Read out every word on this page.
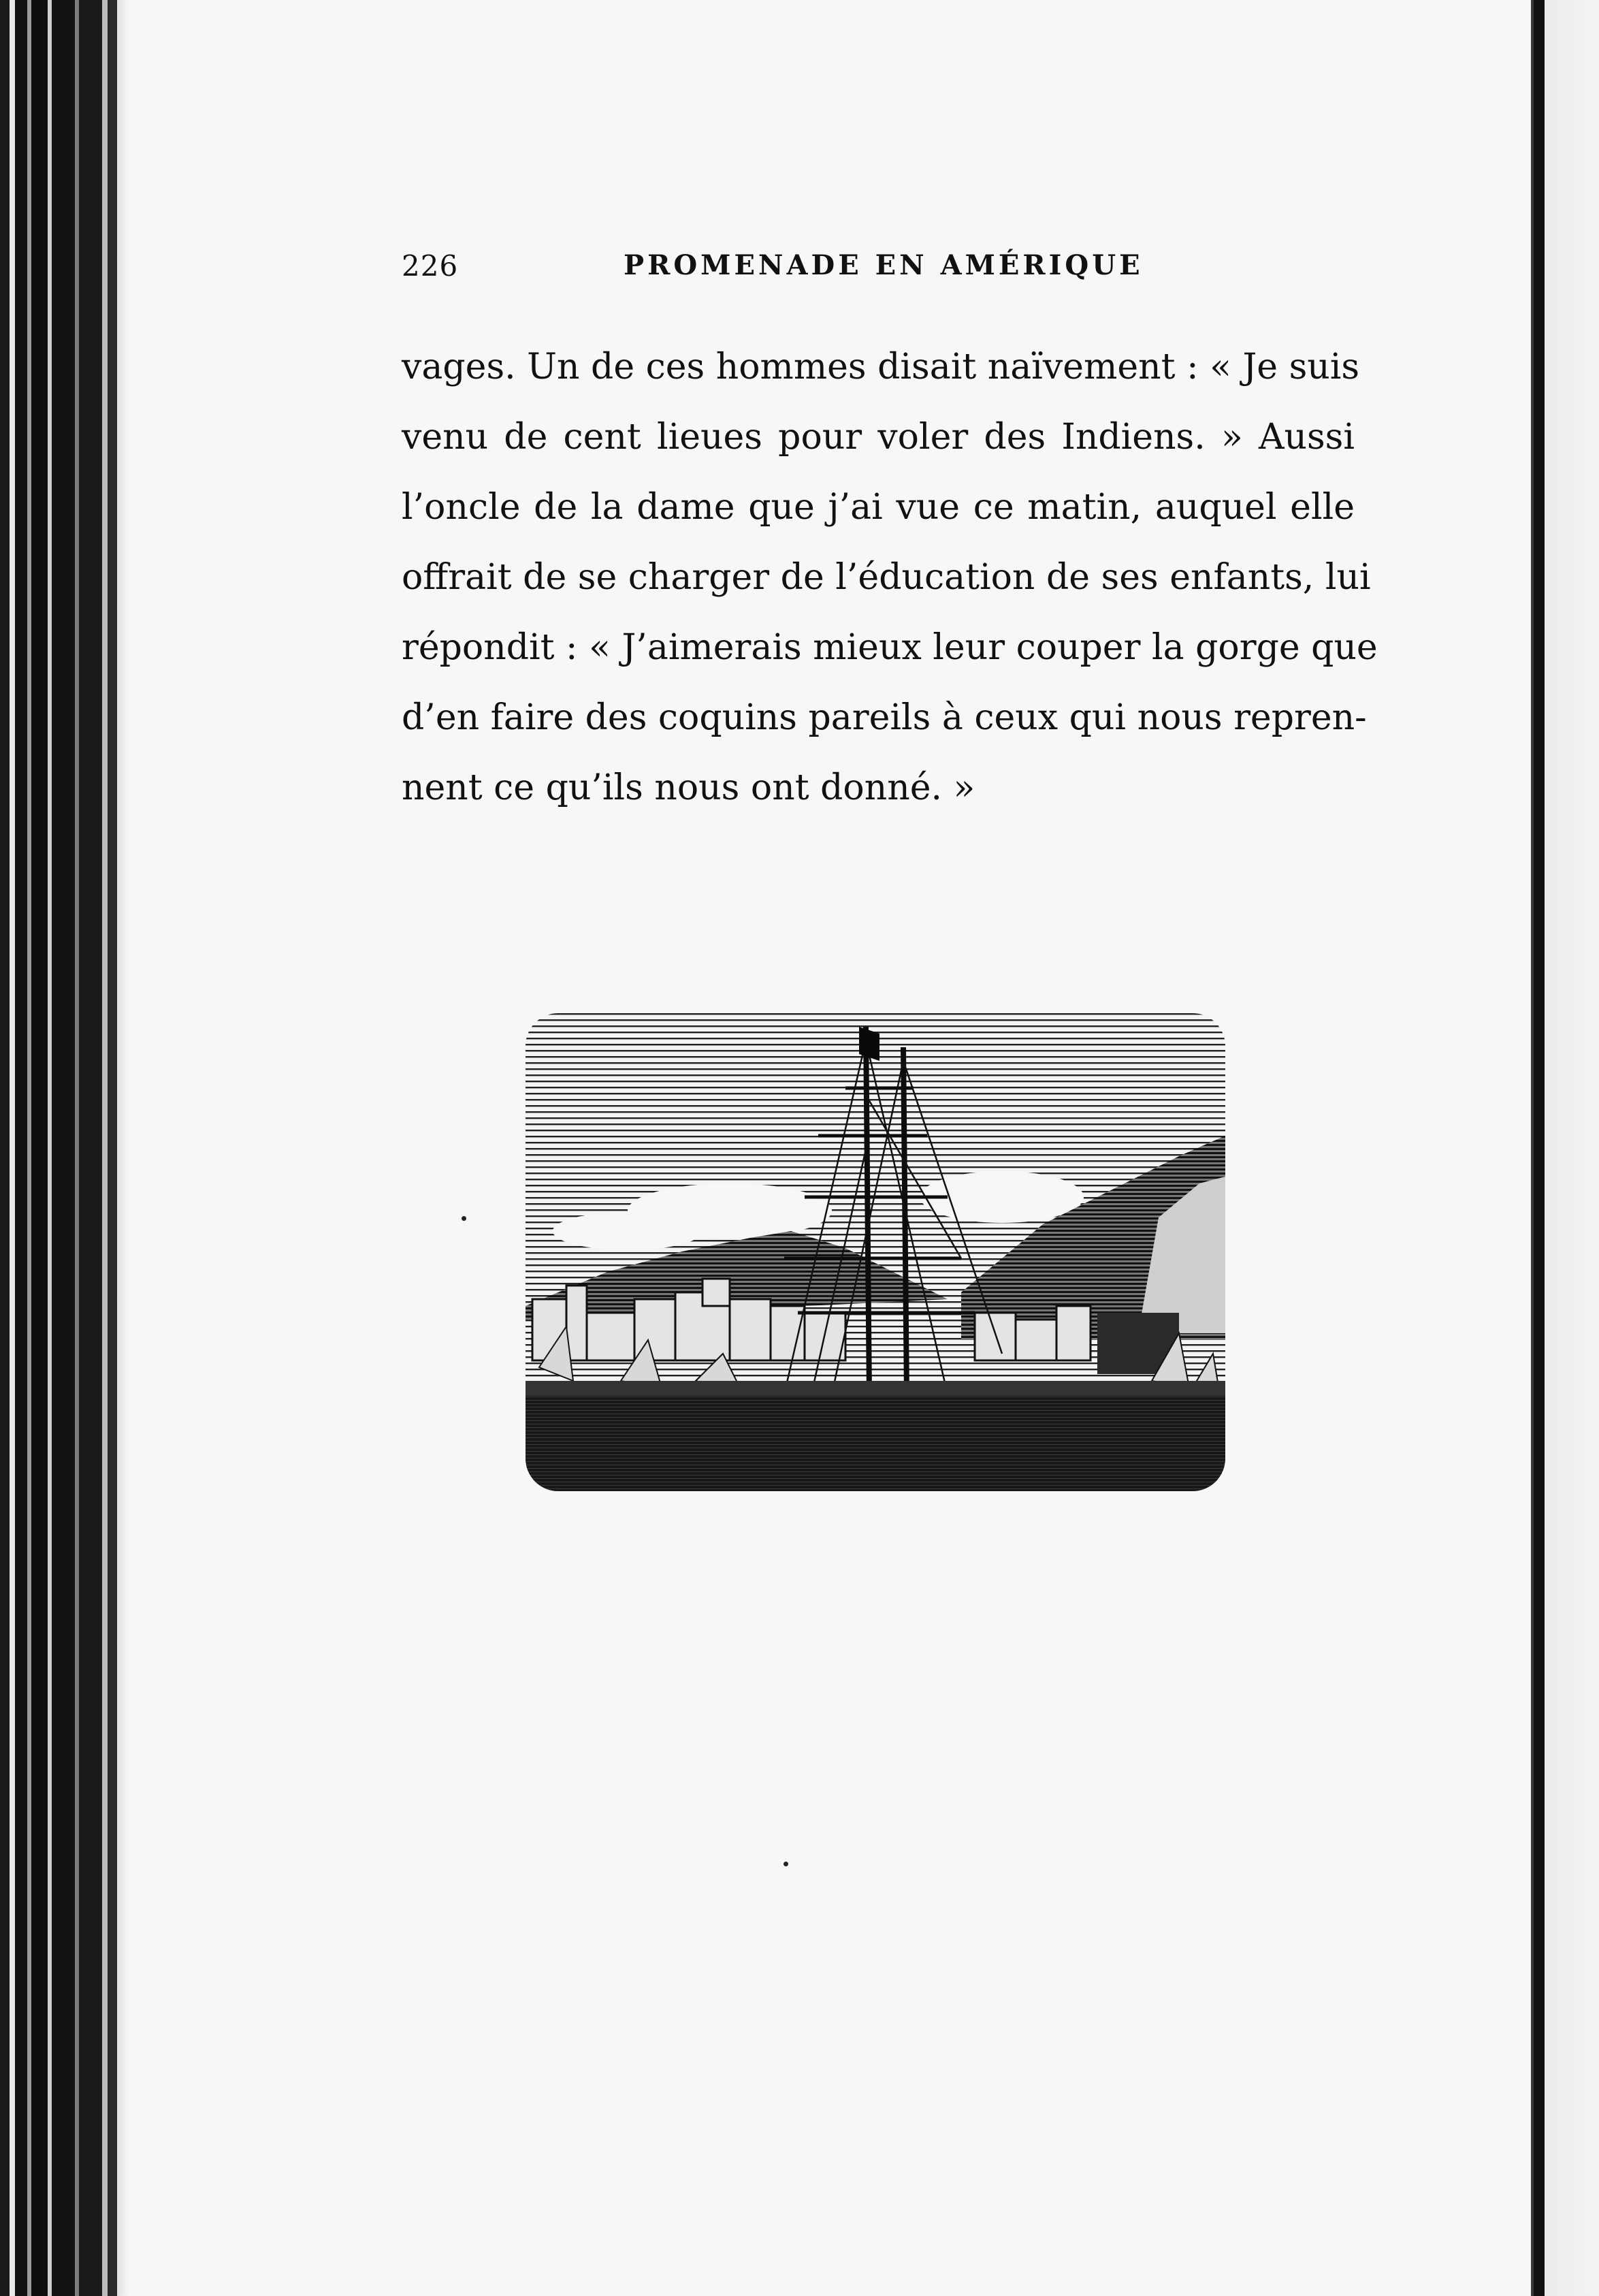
226	PROMENADE EN AMÉRIQUE
vages. Un de ces hommes disait naïvement : « Je suis
venu de cent lieues pour voler des Indiens. » Aussi
l’oncle de la dame que j’ai vue ce matin, auquel elle
offrait de se charger de l’éducation de ses enfants, lui
répondit : « J’aimerais mieux leur couper la gorge que
d’en faire des coquins pareils à ceux qui nous repren-
nent ce qu’ils nous ont donné. »
